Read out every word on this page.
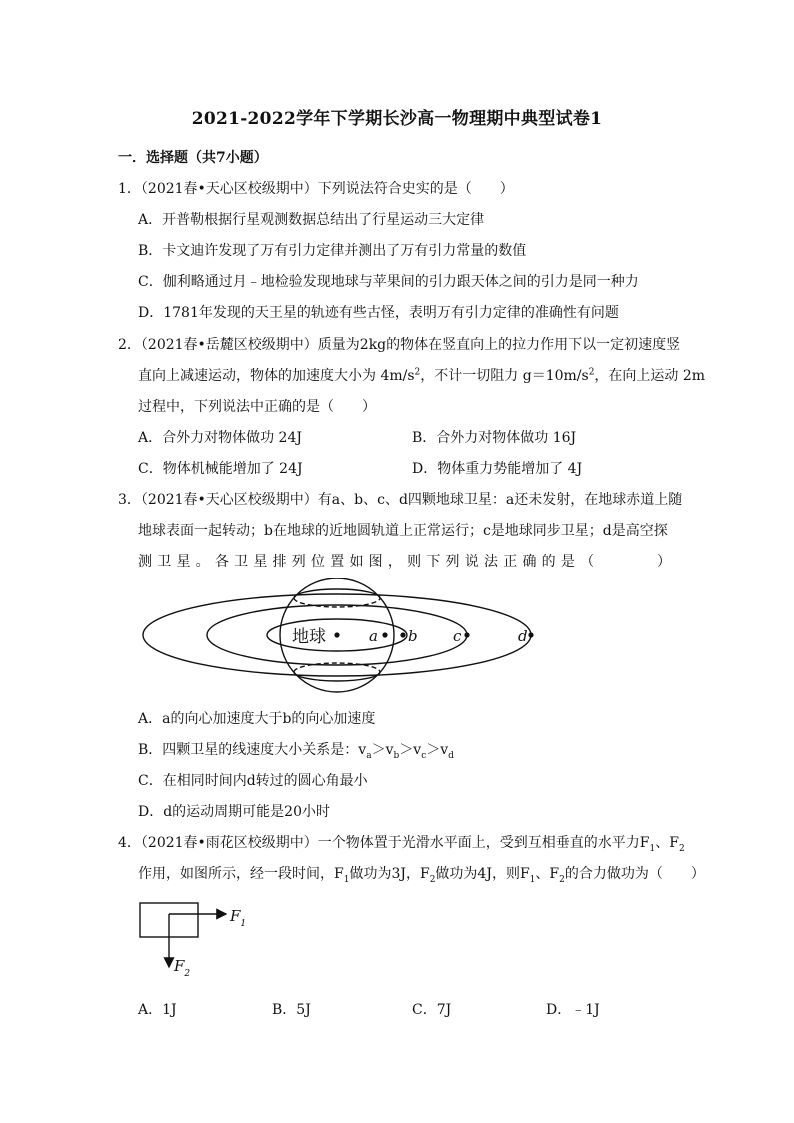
2021-2022学年下学期长沙高一物理期中典型试卷1
一．选择题（共7小题）
1．（2021春•天心区校级期中）下列说法符合史实的是（　　）
A．开普勒根据行星观测数据总结出了行星运动三大定律
B．卡文迪许发现了万有引力定律并测出了万有引力常量的数值
C．伽利略通过月﹣地检验发现地球与苹果间的引力跟天体之间的引力是同一种力
D．1781年发现的天王星的轨迹有些古怪，表明万有引力定律的准确性有问题
2．（2021春•岳麓区校级期中）质量为2kg的物体在竖直向上的拉力作用下以一定初速度竖
直向上减速运动，物体的加速度大小为 $4m/s^2$，不计一切阻力 $g=10m/s^2$，在向上运动 2m
过程中，下列说法中正确的是（　　）
A．合外力对物体做功 24J	B．合外力对物体做功 16J
C．物体机械能增加了 24J	D．物体重力势能增加了 4J
3．（2021春•天心区校级期中）有a、b、c、d四颗地球卫星：a还未发射，在地球赤道上随
地球表面一起转动；b在地球的近地圆轨道上正常运行；c是地球同步卫星；d是高空探
测卫星。各卫星排列位置如图，则下列说法正确的是（　　　）
地球	a b c	d
A．a的向心加速度大于b的向心加速度
B．四颗卫星的线速度大小关系是：$v_a>v_b>v_c>v_d$
C．在相同时间内d转过的圆心角最小
D．d的运动周期可能是20小时
4．（2021春•雨花区校级期中）一个物体置于光滑水平面上，受到互相垂直的水平力$F_1$、$F_2$
作用，如图所示，经一段时间，$F_1$做功为3J，$F_2$做功为4J，则$F_1$、$F_2$的合力做功为（　　）
$F_1$
$F_2$
A．1J	B．5J	C．7J	D．﹣1J
